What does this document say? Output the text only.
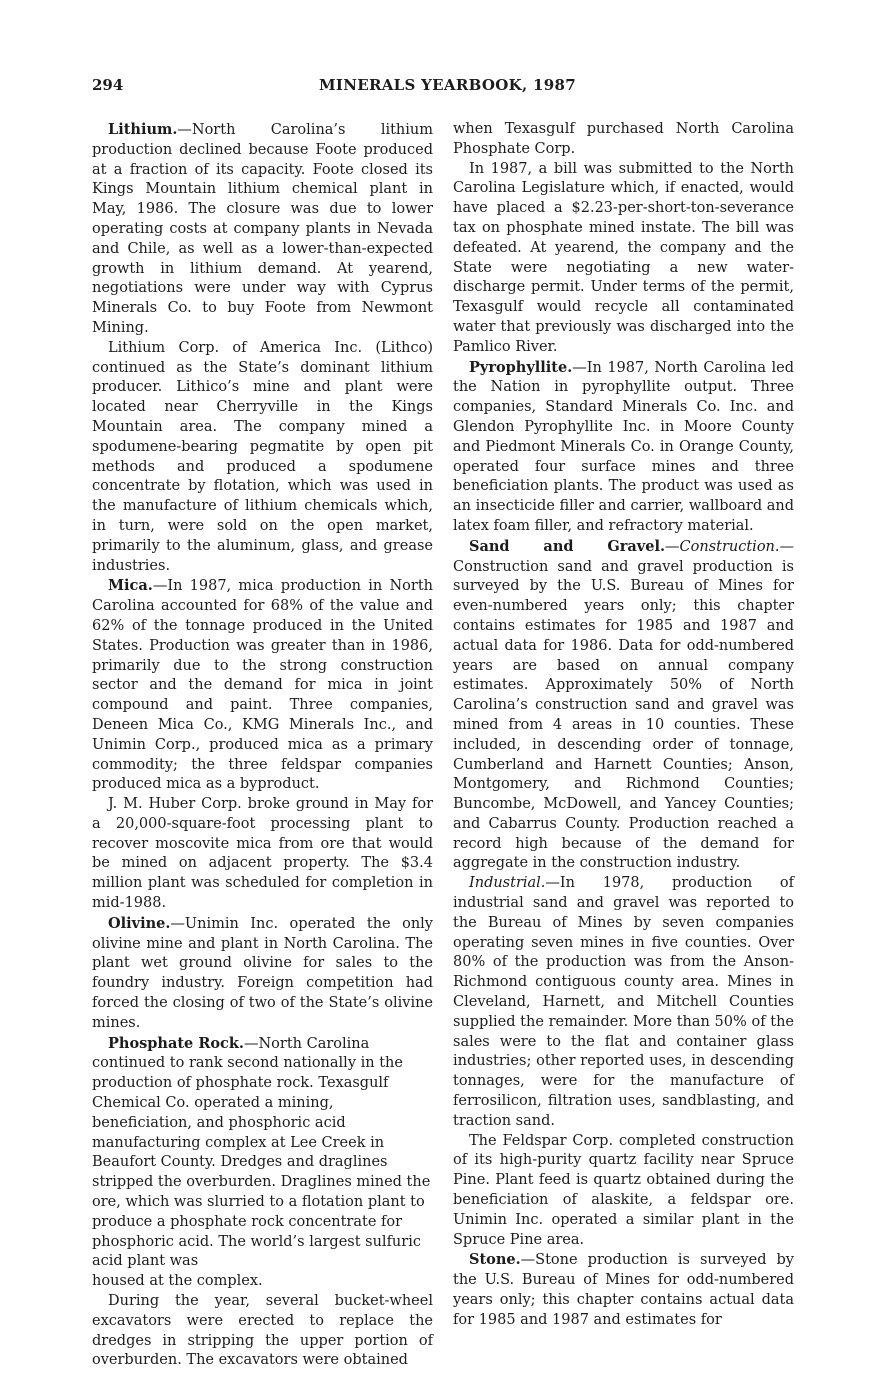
294	MINERALS YEARBOOK, 1987

Lithium.—North Carolina’s lithium production declined because Foote produced at a fraction of its capacity. Foote closed its Kings Mountain lithium chemical plant in May, 1986. The closure was due to lower operating costs at company plants in Nevada and Chile, as well as a lower-than-expected growth in lithium demand. At yearend, negotiations were under way with Cyprus Minerals Co. to buy Foote from Newmont Mining.

Lithium Corp. of America Inc. (Lithco) continued as the State’s dominant lithium producer. Lithico’s mine and plant were located near Cherryville in the Kings Mountain area. The company mined a spodumene-bearing pegmatite by open pit methods and produced a spodumene concentrate by flotation, which was used in the manufacture of lithium chemicals which, in turn, were sold on the open market, primarily to the aluminum, glass, and grease industries.

Mica.—In 1987, mica production in North Carolina accounted for 68% of the value and 62% of the tonnage produced in the United States. Production was greater than in 1986, primarily due to the strong construction sector and the demand for mica in joint compound and paint. Three companies, Deneen Mica Co., KMG Minerals Inc., and Unimin Corp., produced mica as a primary commodity; the three feldspar companies produced mica as a byproduct.

J. M. Huber Corp. broke ground in May for a 20,000-square-foot processing plant to recover moscovite mica from ore that would be mined on adjacent property. The $3.4 million plant was scheduled for completion in mid-1988.

Olivine.—Unimin Inc. operated the only olivine mine and plant in North Carolina. The plant wet ground olivine for sales to the foundry industry. Foreign competition had forced the closing of two of the State’s olivine mines.

Phosphate Rock.—North Carolina continued to rank second nationally in the production of phosphate rock. Texasgulf Chemical Co. operated a mining, beneficiation, and phosphoric acid manufacturing complex at Lee Creek in Beaufort County. Dredges and draglines stripped the overburden. Draglines mined the ore, which was slurried to a flotation plant to produce a phosphate rock concentrate for phosphoric acid. The world’s largest sulfuric acid plant was

housed at the complex.

During the year, several bucket-wheel excavators were erected to replace the dredges in stripping the upper portion of overburden. The excavators were obtained

when Texasgulf purchased North Carolina Phosphate Corp.

In 1987, a bill was submitted to the North Carolina Legislature which, if enacted, would have placed a $2.23-per-short-ton-severance tax on phosphate mined instate. The bill was defeated. At yearend, the company and the State were negotiating a new water-discharge permit. Under terms of the permit, Texasgulf would recycle all contaminated water that previously was discharged into the Pamlico River.

Pyrophyllite.—In 1987, North Carolina led the Nation in pyrophyllite output. Three companies, Standard Minerals Co. Inc. and Glendon Pyrophyllite Inc. in Moore County and Piedmont Minerals Co. in Orange County, operated four surface mines and three beneficiation plants. The product was used as an insecticide filler and carrier, wallboard and latex foam filler, and refractory material.

Sand and Gravel.—Construction.—Construction sand and gravel production is surveyed by the U.S. Bureau of Mines for even-numbered years only; this chapter contains estimates for 1985 and 1987 and actual data for 1986. Data for odd-numbered years are based on annual company estimates. Approximately 50% of North Carolina’s construction sand and gravel was mined from 4 areas in 10 counties. These included, in descending order of tonnage, Cumberland and Harnett Counties; Anson, Montgomery, and Richmond Counties; Buncombe, McDowell, and Yancey Counties; and Cabarrus County. Production reached a record high because of the demand for aggregate in the construction industry.

Industrial.—In 1978, production of industrial sand and gravel was reported to the Bureau of Mines by seven companies operating seven mines in five counties. Over 80% of the production was from the Anson-Richmond contiguous county area. Mines in Cleveland, Harnett, and Mitchell Counties supplied the remainder. More than 50% of the sales were to the flat and container glass industries; other reported uses, in descending tonnages, were for the manufacture of ferrosilicon, filtration uses, sandblasting, and traction sand.

The Feldspar Corp. completed construction of its high-purity quartz facility near Spruce Pine. Plant feed is quartz obtained during the beneficiation of alaskite, a feldspar ore. Unimin Inc. operated a similar plant in the Spruce Pine area.

Stone.—Stone production is surveyed by the U.S. Bureau of Mines for odd-numbered years only; this chapter contains actual data for 1985 and 1987 and estimates for
